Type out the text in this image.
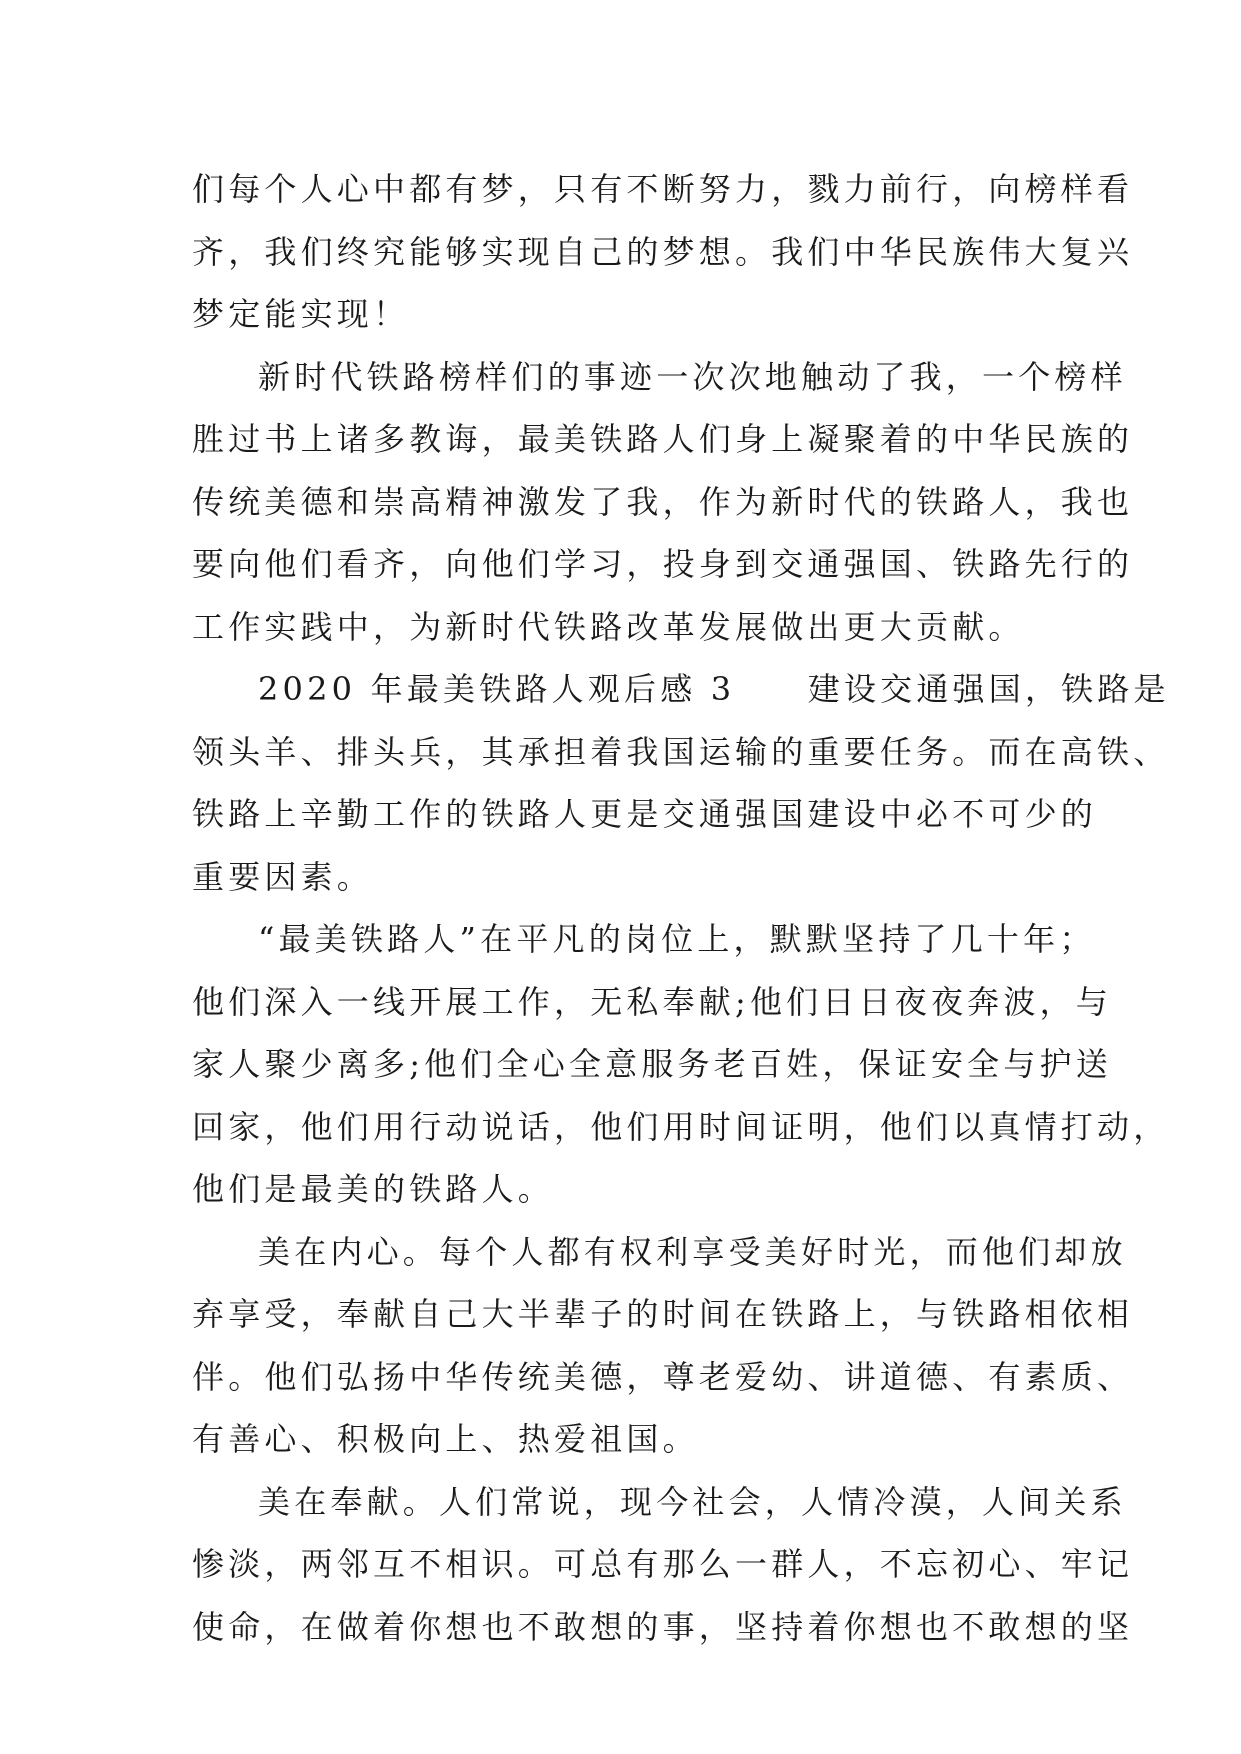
们每个人心中都有梦，只有不断努力，戮力前行，向榜样看
齐，我们终究能够实现自己的梦想。我们中华民族伟大复兴
梦定能实现！
新时代铁路榜样们的事迹一次次地触动了我，一个榜样
胜过书上诸多教诲，最美铁路人们身上凝聚着的中华民族的
传统美德和崇高精神激发了我，作为新时代的铁路人，我也
要向他们看齐，向他们学习，投身到交通强国、铁路先行的
工作实践中，为新时代铁路改革发展做出更大贡献。
2020 年最美铁路人观后感 3　　建设交通强国，铁路是
领头羊、排头兵，其承担着我国运输的重要任务。而在高铁、
铁路上辛勤工作的铁路人更是交通强国建设中必不可少的
重要因素。
“最美铁路人”在平凡的岗位上，默默坚持了几十年；
他们深入一线开展工作，无私奉献;他们日日夜夜奔波，与
家人聚少离多;他们全心全意服务老百姓，保证安全与护送
回家，他们用行动说话，他们用时间证明，他们以真情打动，
他们是最美的铁路人。
美在内心。每个人都有权利享受美好时光，而他们却放
弃享受，奉献自己大半辈子的时间在铁路上，与铁路相依相
伴。他们弘扬中华传统美德，尊老爱幼、讲道德、有素质、
有善心、积极向上、热爱祖国。
美在奉献。人们常说，现今社会，人情冷漠，人间关系
惨淡，两邻互不相识。可总有那么一群人，不忘初心、牢记
使命，在做着你想也不敢想的事，坚持着你想也不敢想的坚
